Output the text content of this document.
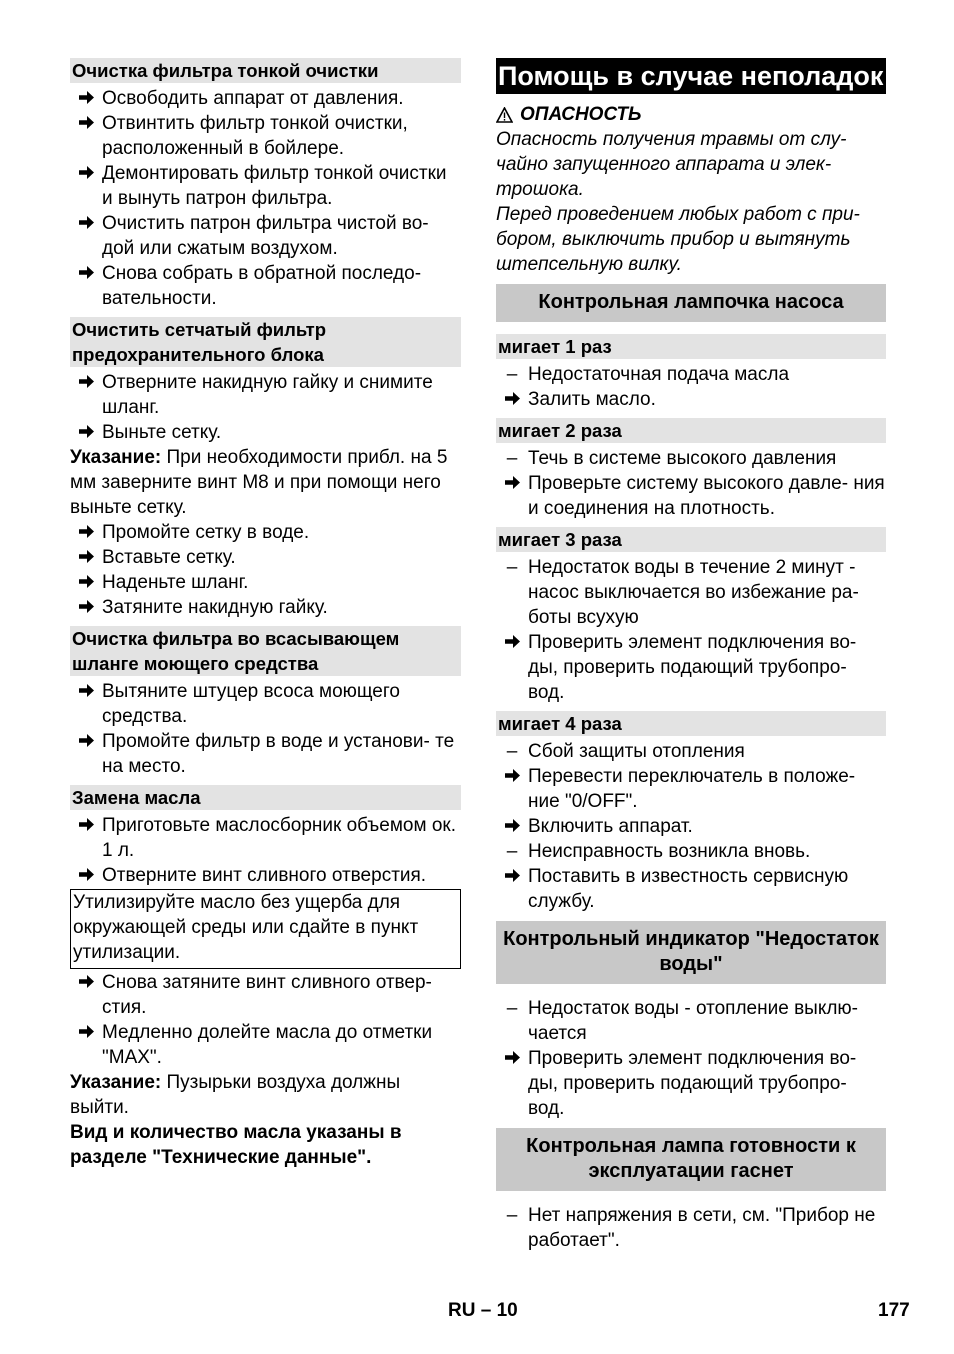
Очистка фильтра тонкой очистки
Освободить аппарат от давления.
Отвинтить фильтр тонкой очистки, расположенный в бойлере.
Демонтировать фильтр тонкой очистки и вынуть патрон фильтра.
Очистить патрон фильтра чистой во- дой или сжатым воздухом.
Снова собрать в обратной последо- вательности.
Очистить сетчатый фильтр предохранительного блока
Отверните накидную гайку и снимите шланг.
Выньте сетку.
Указание: При необходимости прибл. на 5 мм заверните винт M8 и при помощи него выньте сетку.
Промойте сетку в воде.
Вставьте сетку.
Наденьте шланг.
Затяните накидную гайку.
Очистка фильтра во всасывающем шланге моющего средства
Вытяните штуцер всоса моющего средства.
Промойте фильтр в воде и установи- те на место.
Замена масла
Приготовьте маслосборник объемом ок. 1 л.
Отверните винт сливного отверстия.
Утилизируйте масло без ущерба для окружающей среды или сдайте в пункт утилизации.
Снова затяните винт сливного отвер- стия.
Медленно долейте масла до отметки "MAX".
Указание: Пузырьки воздуха должны выйти.
Вид и количество масла указаны в разделе "Технические данные".
Помощь в случае неполадок
ОПАСНОСТЬ
Опасность получения травмы от слу- чайно запущенного аппарата и элек- трошока.
Перед проведением любых работ с при- бором, выключить прибор и вытянуть штепсельную вилку.
Контрольная лампочка насоса
мигает 1 раз
– Недостаточная подача масла
Залить масло.
мигает 2 раза
– Течь в системе высокого давления
Проверьте систему высокого давле- ния и соединения на плотность.
мигает 3 раза
– Недостаток воды в течение 2 минут - насос выключается во избежание ра- боты всухую
Проверить элемент подключения во- ды, проверить подающий трубопро- вод.
мигает 4 раза
– Сбой защиты отопления
Перевести переключатель в положе- ние "0/OFF".
Включить аппарат.
– Неисправность возникла вновь.
Поставить в известность сервисную службу.
Контрольный индикатор "Недостаток воды"
– Недостаток воды - отопление выклю- чается
Проверить элемент подключения во- ды, проверить подающий трубопро- вод.
Контрольная лампа готовности к эксплуатации гаснет
– Нет напряжения в сети, см. "Прибор не работает".
RU – 10	177
